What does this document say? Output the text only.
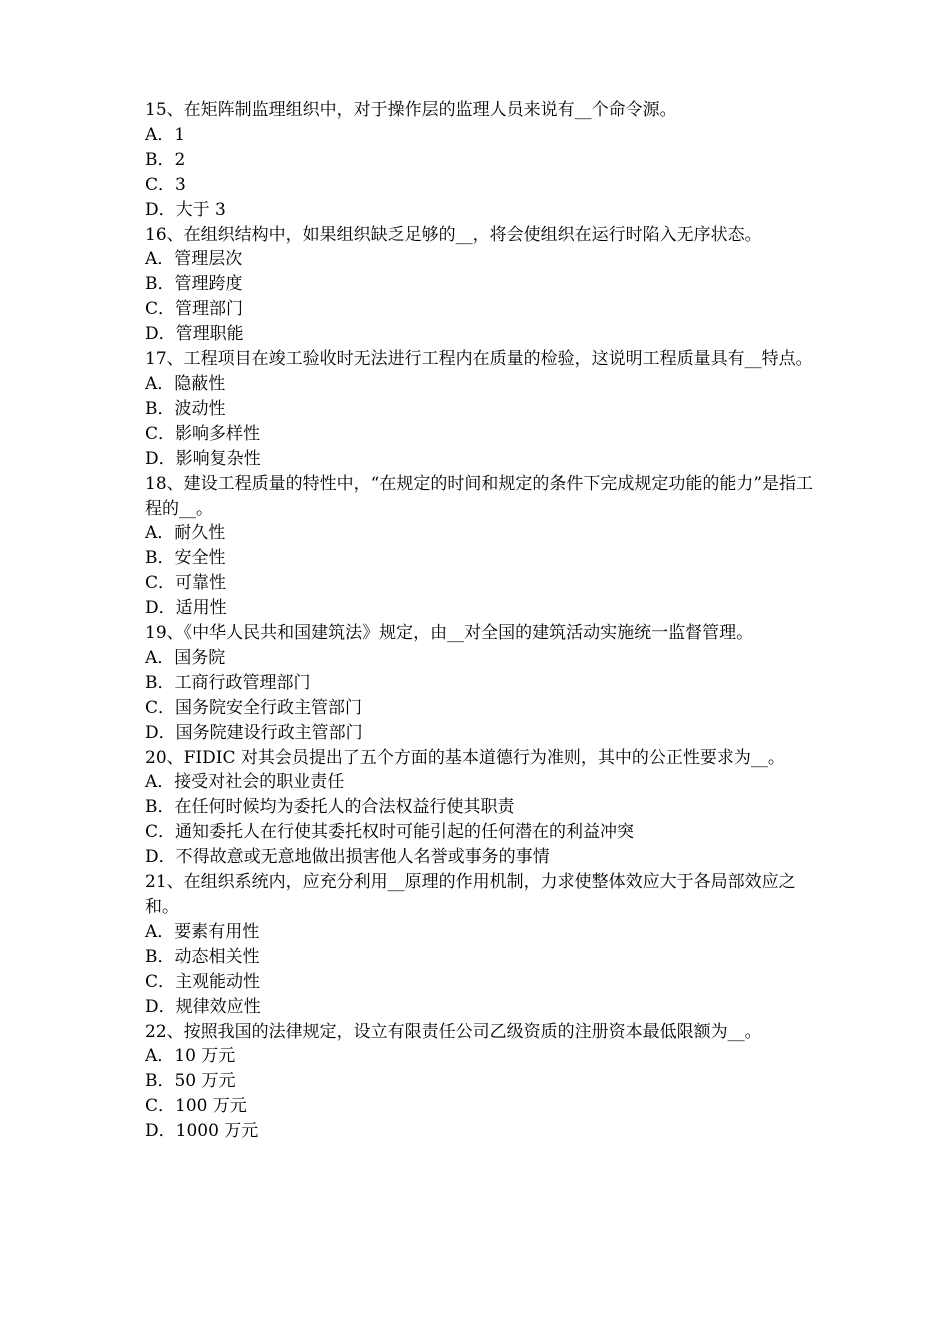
15、在矩阵制监理组织中，对于操作层的监理人员来说有__个命令源。
A．1
B．2
C．3
D．大于 3
16、在组织结构中，如果组织缺乏足够的__，将会使组织在运行时陷入无序状态。
A．管理层次
B．管理跨度
C．管理部门
D．管理职能
17、工程项目在竣工验收时无法进行工程内在质量的检验，这说明工程质量具有__特点。
A．隐蔽性
B．波动性
C．影响多样性
D．影响复杂性
18、建设工程质量的特性中，“在规定的时间和规定的条件下完成规定功能的能力”是指工程的__。
A．耐久性
B．安全性
C．可靠性
D．适用性
19、《中华人民共和国建筑法》规定，由__对全国的建筑活动实施统一监督管理。
A．国务院
B．工商行政管理部门
C．国务院安全行政主管部门
D．国务院建设行政主管部门
20、FIDIC 对其会员提出了五个方面的基本道德行为准则，其中的公正性要求为__。
A．接受对社会的职业责任
B．在任何时候均为委托人的合法权益行使其职责
C．通知委托人在行使其委托权时可能引起的任何潜在的利益冲突
D．不得故意或无意地做出损害他人名誉或事务的事情
21、在组织系统内，应充分利用__原理的作用机制，力求使整体效应大于各局部效应之和。
A．要素有用性
B．动态相关性
C．主观能动性
D．规律效应性
22、按照我国的法律规定，设立有限责任公司乙级资质的注册资本最低限额为__。
A．10 万元
B．50 万元
C．100 万元
D．1000 万元
